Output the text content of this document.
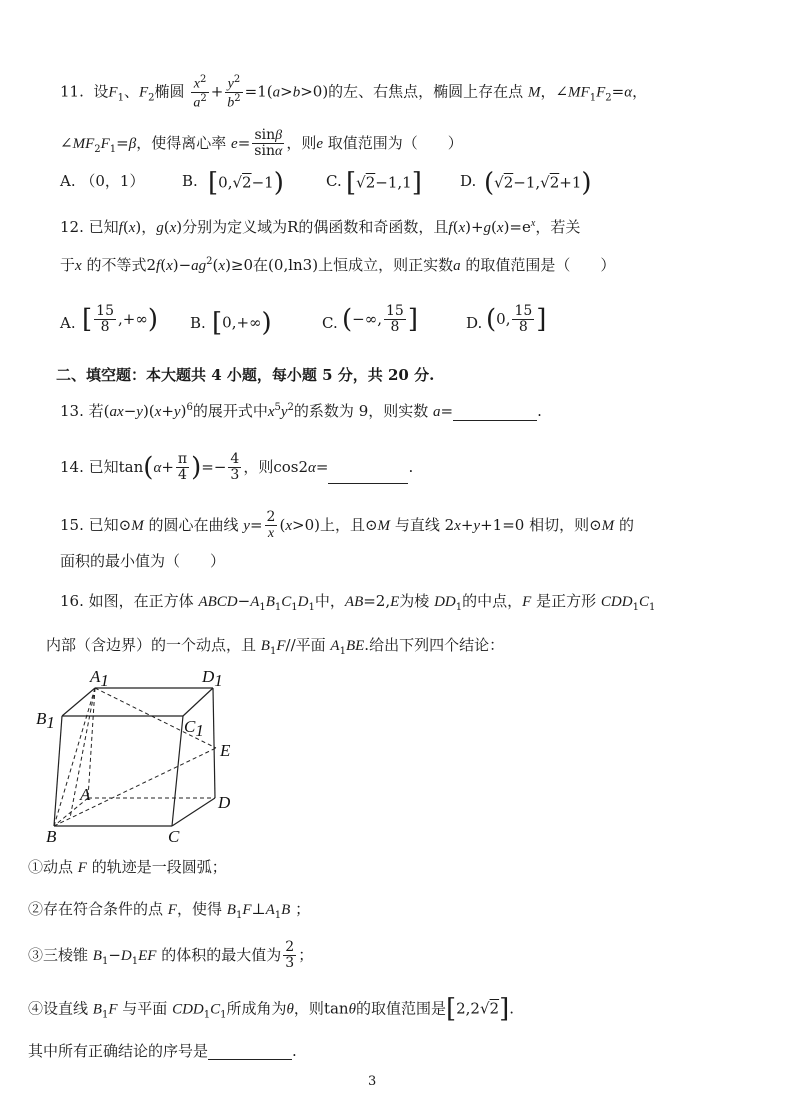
11. 设$F_1$、$F_2$椭圆 $\frac{x^2}{a^2} + \frac{y^2}{b^2} =1(a>b>0)$的左、右焦点，椭圆上存在点 M，$\angle MF_1F_2=\alpha$，
$\angle MF_2F_1=\beta$，使得离心率 $e= \frac{\sin\beta}{\sin\alpha}$ ，则e 取值范围为（　　）
A. （0，1）	B. [0,√2−1)	C. [√2−1,1]	D. (√2−1,√2+1)
12. 已知f(x)，g(x)分别为定义域为R的偶函数和奇函数，且$f(x)+g(x)=e^x$，若关
于x 的不等式$2f(x)-ag^2(x)\ge 0$在(0,ln3)上恒成立，则正实数a 的取值范围是（　　）
A. [ $\frac{15}{8}$ ,+∞) B. [0,+∞)	C. (−∞, $\frac{15}{8}$ ]	D. (0, $\frac{15}{8}$ ]
二、填空题：本大题共 4 小题，每小题 5 分，共 20 分.
13. 若$(ax-y)(x+y)^6$的展开式中$x^5y^2$的系数为 9，则实数 a=	.
14. 已知$\tan(\alpha+ \frac{\pi}{4}$ )=− $\frac{4}{3}$ ，则cos2α=	.
15. 已知⊙M 的圆心在曲线 $y= \frac{2}{x} (x>0)$上，且⊙M 与直线 2x+y+1=0 相切，则⊙M 的
面积的最小值为（　　）
16. 如图，在正方体 $ABCD-A_1B_1C_1D_1$中，AB=2,E为棱 $DD_1$的中点，F 是正方形 $CDD_1C_1$
内部（含边界）的一个动点，且 $B_1F//$平面 $A_1BE$.给出下列四个结论：
A1	D1
B1	C1
E
A	D
B	C
①动点 F 的轨迹是一段圆弧；
②存在符合条件的点 F，使得 $B_1F\perp A_1B$ ；
③三棱锥 $B_1-D_1EF$ 的体积的最大值为 $\frac{2}{3}$ ；
④设直线 $B_1F$ 与平面 $CDD_1C_1$所成角为θ，则tanθ的取值范围是[2,2√2].
其中所有正确结论的序号是	.
3
